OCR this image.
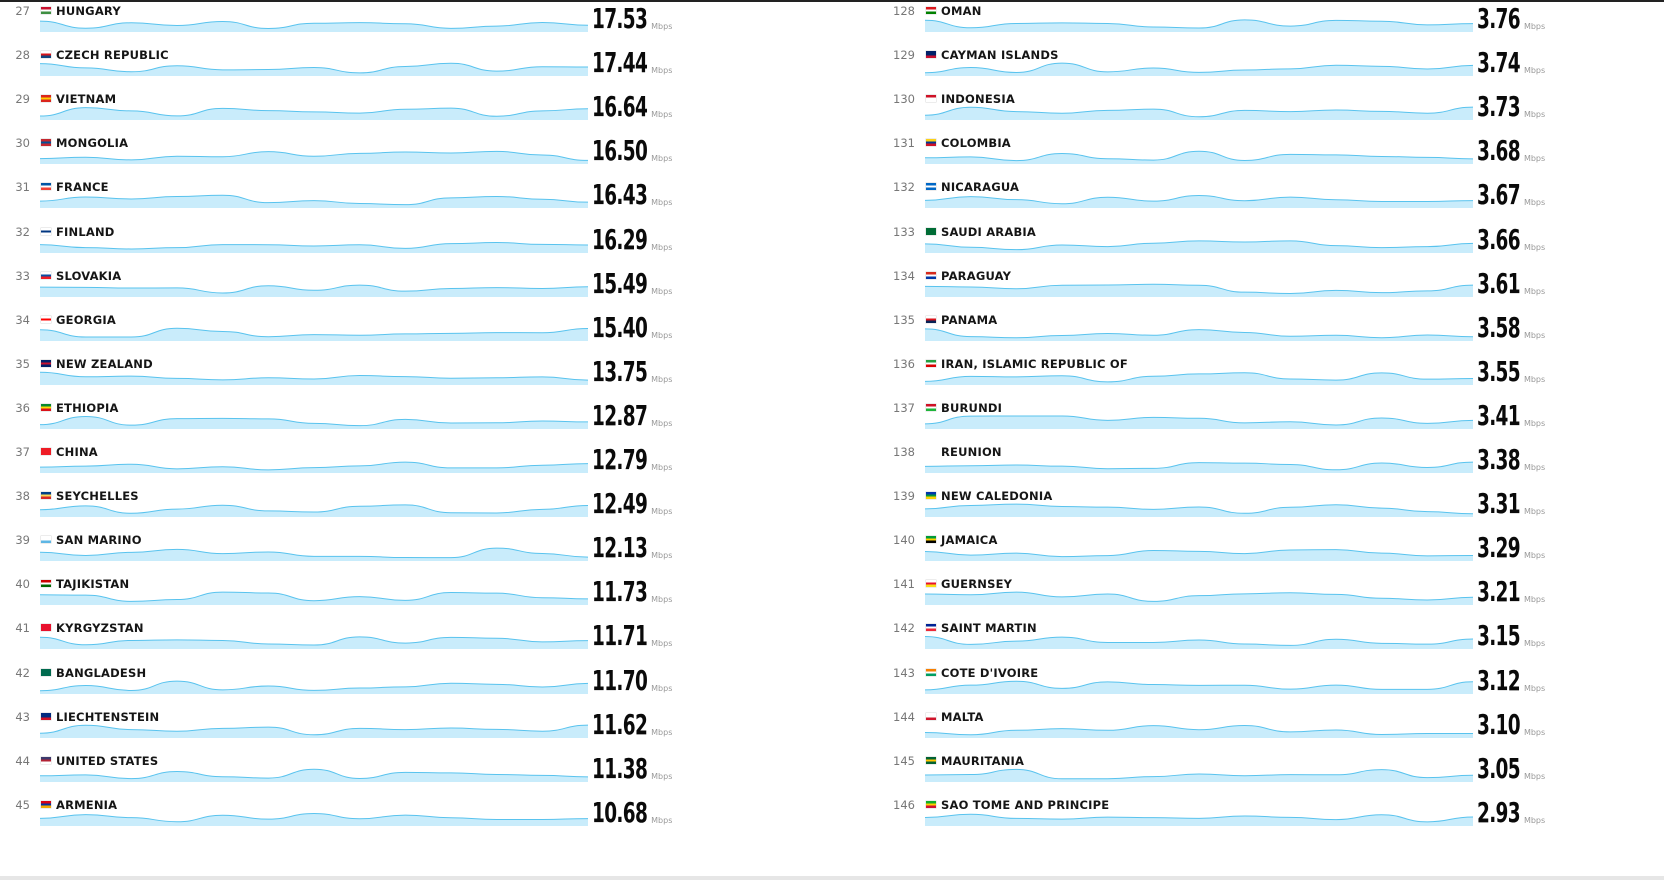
27 HUNGARY	17.53 Mbps
28 CZECH REPUBLIC	17.44 Mbps
29 VIETNAM	16.64 Mbps
30 MONGOLIA	16.50 Mbps
31 FRANCE	16.43 Mbps
32 FINLAND	16.29 Mbps
33 SLOVAKIA	15.49 Mbps
34 GEORGIA	15.40 Mbps
35 NEW ZEALAND	13.75 Mbps
36 ETHIOPIA	12.87 Mbps
37 CHINA	12.79 Mbps
38 SEYCHELLES	12.49 Mbps
39 SAN MARINO	12.13 Mbps
40 TAJIKISTAN	11.73 Mbps
41 KYRGYZSTAN	11.71 Mbps
42 BANGLADESH	11.70 Mbps
43 LIECHTENSTEIN	11.62 Mbps
44 UNITED STATES	11.38 Mbps
45 ARMENIA	10.68 Mbps
128 OMAN	3.76 Mbps
129 CAYMAN ISLANDS	3.74 Mbps
130 INDONESIA	3.73 Mbps
131 COLOMBIA	3.68 Mbps
132 NICARAGUA	3.67 Mbps
133 SAUDI ARABIA	3.66 Mbps
134 PARAGUAY	3.61 Mbps
135 PANAMA	3.58 Mbps
136 IRAN, ISLAMIC REPUBLIC OF	3.55 Mbps
137 BURUNDI	3.41 Mbps
138 REUNION	3.38 Mbps
139 NEW CALEDONIA	3.31 Mbps
140 JAMAICA	3.29 Mbps
141 GUERNSEY	3.21 Mbps
142 SAINT MARTIN	3.15 Mbps
143 COTE D'IVOIRE	3.12 Mbps
144 MALTA	3.10 Mbps
145 MAURITANIA	3.05 Mbps
146 SAO TOME AND PRINCIPE	2.93 Mbps
